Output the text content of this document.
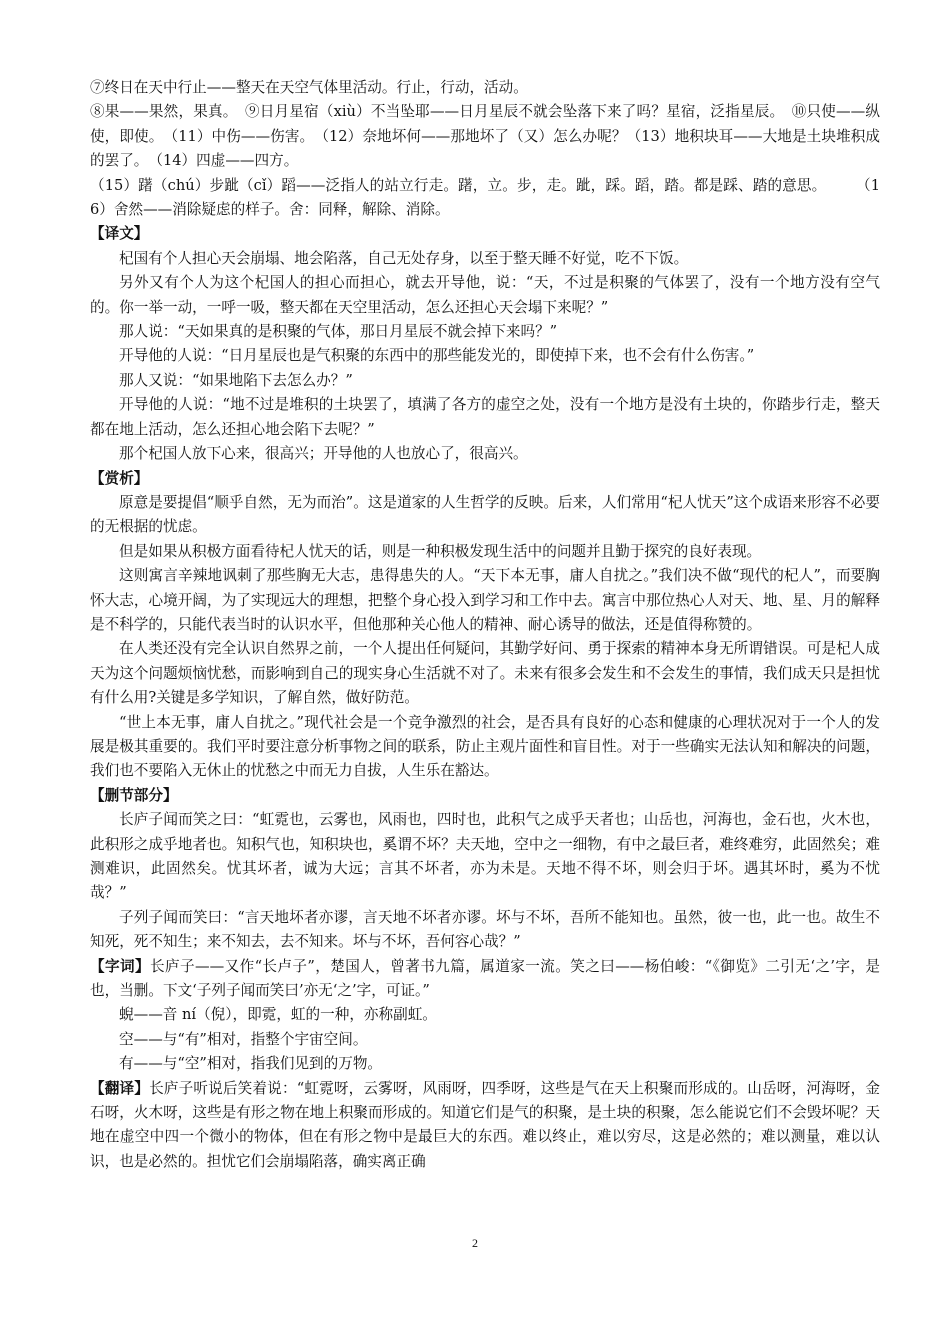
⑦终日在天中行止——整天在天空气体里活动。行止，行动，活动。

⑧果——果然，果真。　⑨日月星宿（xiù）不当坠耶——日月星辰不就会坠落下来了吗？星宿，泛指星辰。　⑩只使——纵使，即使。　（11）中伤——伤害。　（12）奈地坏何——那地坏了（又）怎么办呢？（13）地积块耳——大地是土块堆积成的罢了。　（14）四虚——四方。

（15）躇（chú）步跐（cǐ）蹈——泛指人的站立行走。躇，立。步，走。跐，踩。蹈，踏。都是踩、踏的意思。　　　（16）舍然——消除疑虑的样子。舍：同释，解除、消除。

【译文】

杞国有个人担心天会崩塌、地会陷落，自己无处存身，以至于整天睡不好觉，吃不下饭。

另外又有个人为这个杞国人的担心而担心，就去开导他，说：“天，不过是积聚的气体罢了，没有一个地方没有空气的。你一举一动，一呼一吸，整天都在天空里活动，怎么还担心天会塌下来呢？”

那人说：“天如果真的是积聚的气体，那日月星辰不就会掉下来吗？”

开导他的人说：“日月星辰也是气积聚的东西中的那些能发光的，即使掉下来，也不会有什么伤害。”

那人又说：“如果地陷下去怎么办？”

开导他的人说：“地不过是堆积的土块罢了，填满了各方的虚空之处，没有一个地方是没有土块的，你踏步行走，整天都在地上活动，怎么还担心地会陷下去呢？”

那个杞国人放下心来，很高兴；开导他的人也放心了，很高兴。

【赏析】

原意是要提倡“顺乎自然，无为而治”。这是道家的人生哲学的反映。后来，人们常用“杞人忧天”这个成语来形容不必要的无根据的忧虑。

但是如果从积极方面看待杞人忧天的话，则是一种积极发现生活中的问题并且勤于探究的良好表现。

这则寓言辛辣地讽刺了那些胸无大志，患得患失的人。“天下本无事，庸人自扰之。”我们决不做“现代的杞人”，而要胸怀大志，心境开阔，为了实现远大的理想，把整个身心投入到学习和工作中去。寓言中那位热心人对天、地、星、月的解释是不科学的，只能代表当时的认识水平，但他那种关心他人的精神、耐心诱导的做法，还是值得称赞的。

在人类还没有完全认识自然界之前，一个人提出任何疑问，其勤学好问、勇于探索的精神本身无所谓错误。可是杞人成天为这个问题烦恼忧愁，而影响到自己的现实身心生活就不对了。未来有很多会发生和不会发生的事情，我们成天只是担忧有什么用?关键是多学知识，了解自然，做好防范。

“世上本无事，庸人自扰之。”现代社会是一个竞争激烈的社会，是否具有良好的心态和健康的心理状况对于一个人的发展是极其重要的。我们平时要注意分析事物之间的联系，防止主观片面性和盲目性。对于一些确实无法认知和解决的问题，我们也不要陷入无休止的忧愁之中而无力自拔，人生乐在豁达。

【删节部分】

长庐子闻而笑之曰：“虹霓也，云雾也，风雨也，四时也，此积气之成乎天者也；山岳也，河海也，金石也，火木也，此积形之成乎地者也。知积气也，知积块也，奚谓不坏？夫天地，空中之一细物，有中之最巨者，难终难穷，此固然矣；难测难识，此固然矣。忧其坏者，诚为大远；言其不坏者，亦为未是。天地不得不坏，则会归于坏。遇其坏时，奚为不忧哉？”

子列子闻而笑曰：“言天地坏者亦谬，言天地不坏者亦谬。坏与不坏，吾所不能知也。虽然，彼一也，此一也。故生不知死，死不知生；来不知去，去不知来。坏与不坏，吾何容心哉？”

【字词】长庐子——又作“长卢子”，楚国人，曾著书九篇，属道家一流。笑之曰——杨伯峻：“《御览》二引无‘之’字，是也，当删。下文‘子列子闻而笑曰’亦无‘之’字，可证。”

蜺——音 ní（倪），即霓，虹的一种，亦称副虹。

空——与“有”相对，指整个宇宙空间。

有——与“空”相对，指我们见到的万物。

【翻译】长庐子听说后笑着说：“虹霓呀，云雾呀，风雨呀，四季呀，这些是气在天上积聚而形成的。山岳呀，河海呀，金石呀，火木呀，这些是有形之物在地上积聚而形成的。知道它们是气的积聚，是土块的积聚，怎么能说它们不会毁坏呢？天地在虚空中四一个微小的物体，但在有形之物中是最巨大的东西。难以终止，难以穷尽，这是必然的；难以测量，难以认识，也是必然的。担忧它们会崩塌陷落，确实离正确

2
